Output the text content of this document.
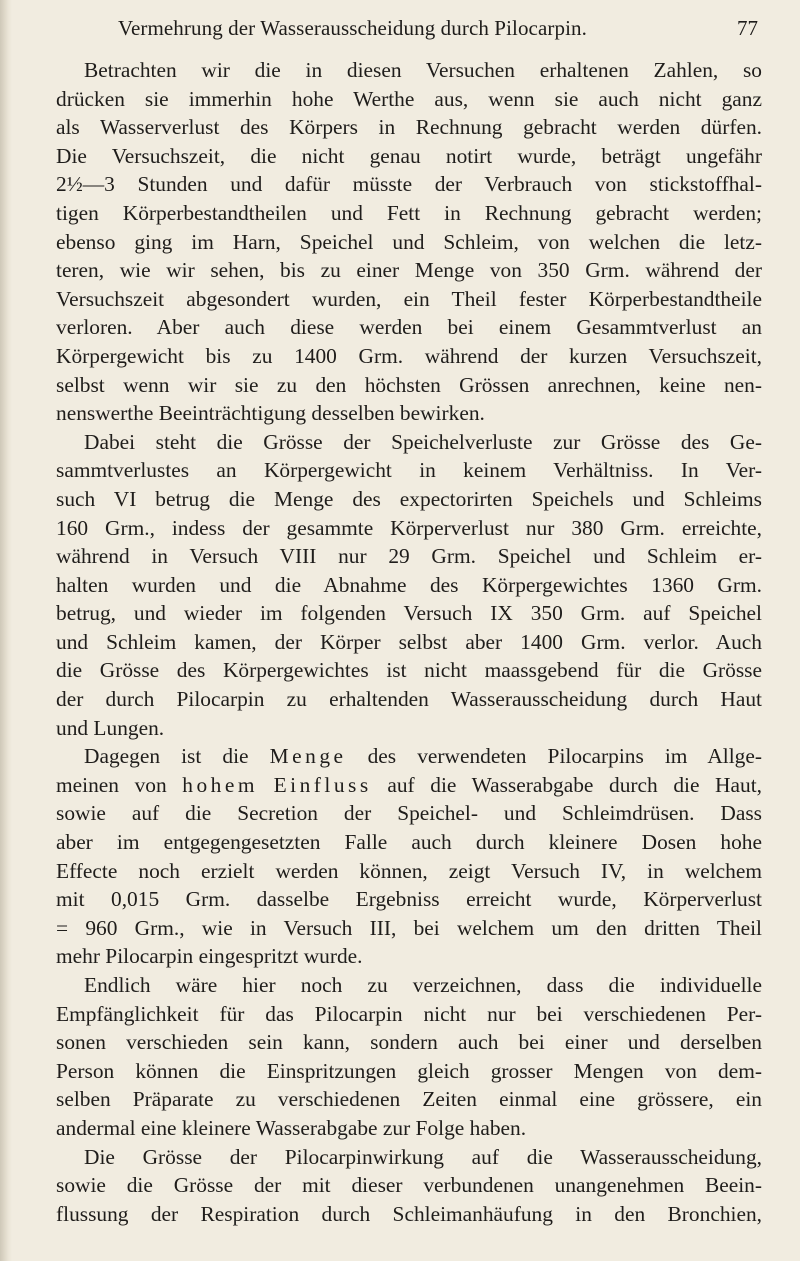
Vermehrung der Wasserausscheidung durch Pilocarpin.	77
Betrachten wir die in diesen Versuchen erhaltenen Zahlen, so
drücken sie immerhin hohe Werthe aus, wenn sie auch nicht ganz
als Wasserverlust des Körpers in Rechnung gebracht werden dürfen.
Die Versuchszeit, die nicht genau notirt wurde, beträgt ungefähr
2½—3 Stunden und dafür müsste der Verbrauch von stickstoffhal-
tigen Körperbestandtheilen und Fett in Rechnung gebracht werden;
ebenso ging im Harn, Speichel und Schleim, von welchen die letz-
teren, wie wir sehen, bis zu einer Menge von 350 Grm. während der
Versuchszeit abgesondert wurden, ein Theil fester Körperbestandtheile
verloren. Aber auch diese werden bei einem Gesammtverlust an
Körpergewicht bis zu 1400 Grm. während der kurzen Versuchszeit,
selbst wenn wir sie zu den höchsten Grössen anrechnen, keine nen-
nenswerthe Beeinträchtigung desselben bewirken.
Dabei steht die Grösse der Speichelverluste zur Grösse des Ge-
sammtverlustes an Körpergewicht in keinem Verhältniss. In Ver-
such VI betrug die Menge des expectorirten Speichels und Schleims
160 Grm., indess der gesammte Körperverlust nur 380 Grm. erreichte,
während in Versuch VIII nur 29 Grm. Speichel und Schleim er-
halten wurden und die Abnahme des Körpergewichtes 1360 Grm.
betrug, und wieder im folgenden Versuch IX 350 Grm. auf Speichel
und Schleim kamen, der Körper selbst aber 1400 Grm. verlor. Auch
die Grösse des Körpergewichtes ist nicht maassgebend für die Grösse
der durch Pilocarpin zu erhaltenden Wasserausscheidung durch Haut
und Lungen.
Dagegen ist die Menge des verwendeten Pilocarpins im Allge-
meinen von hohem Einfluss auf die Wasserabgabe durch die Haut,
sowie auf die Secretion der Speichel- und Schleimdrüsen. Dass
aber im entgegengesetzten Falle auch durch kleinere Dosen hohe
Effecte noch erzielt werden können, zeigt Versuch IV, in welchem
mit 0,015 Grm. dasselbe Ergebniss erreicht wurde, Körperverlust
= 960 Grm., wie in Versuch III, bei welchem um den dritten Theil
mehr Pilocarpin eingespritzt wurde.
Endlich wäre hier noch zu verzeichnen, dass die individuelle
Empfänglichkeit für das Pilocarpin nicht nur bei verschiedenen Per-
sonen verschieden sein kann, sondern auch bei einer und derselben
Person können die Einspritzungen gleich grosser Mengen von dem-
selben Präparate zu verschiedenen Zeiten einmal eine grössere, ein
andermal eine kleinere Wasserabgabe zur Folge haben.
Die Grösse der Pilocarpinwirkung auf die Wasserausscheidung,
sowie die Grösse der mit dieser verbundenen unangenehmen Beein-
flussung der Respiration durch Schleimanhäufung in den Bronchien,
